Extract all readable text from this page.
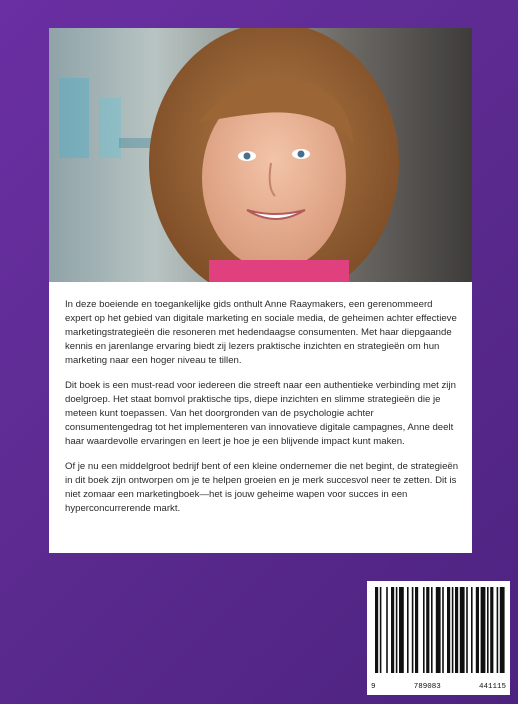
In deze boeiende en toegankelijke gids onthult Anne Raaymakers, een gerenommeerd expert op het gebied van digitale marketing en sociale media, de geheimen achter effectieve marketingstrategieën die resoneren met hedendaagse consumenten. Met haar diepgaande kennis en jarenlange ervaring biedt zij lezers praktische inzichten en strategieën om hun marketing naar een hoger niveau te tillen.

Dit boek is een must-read voor iedereen die streeft naar een authentieke verbinding met zijn doelgroep. Het staat bomvol praktische tips, diepe inzichten en slimme strategieën die je meteen kunt toepassen. Van het doorgronden van de psychologie achter consumentengedrag tot het implementeren van innovatieve digitale campagnes, Anne deelt haar waardevolle ervaringen en leert je hoe je een blijvende impact kunt maken.

Of je nu een middelgroot bedrijf bent of een kleine ondernemer die net begint, de strategieën in dit boek zijn ontworpen om je te helpen groeien en je merk succesvol neer te zetten. Dit is niet zomaar een marketingboek—het is jouw geheime wapen voor succes in een hyperconcurrerende markt.

9	789083	441115
